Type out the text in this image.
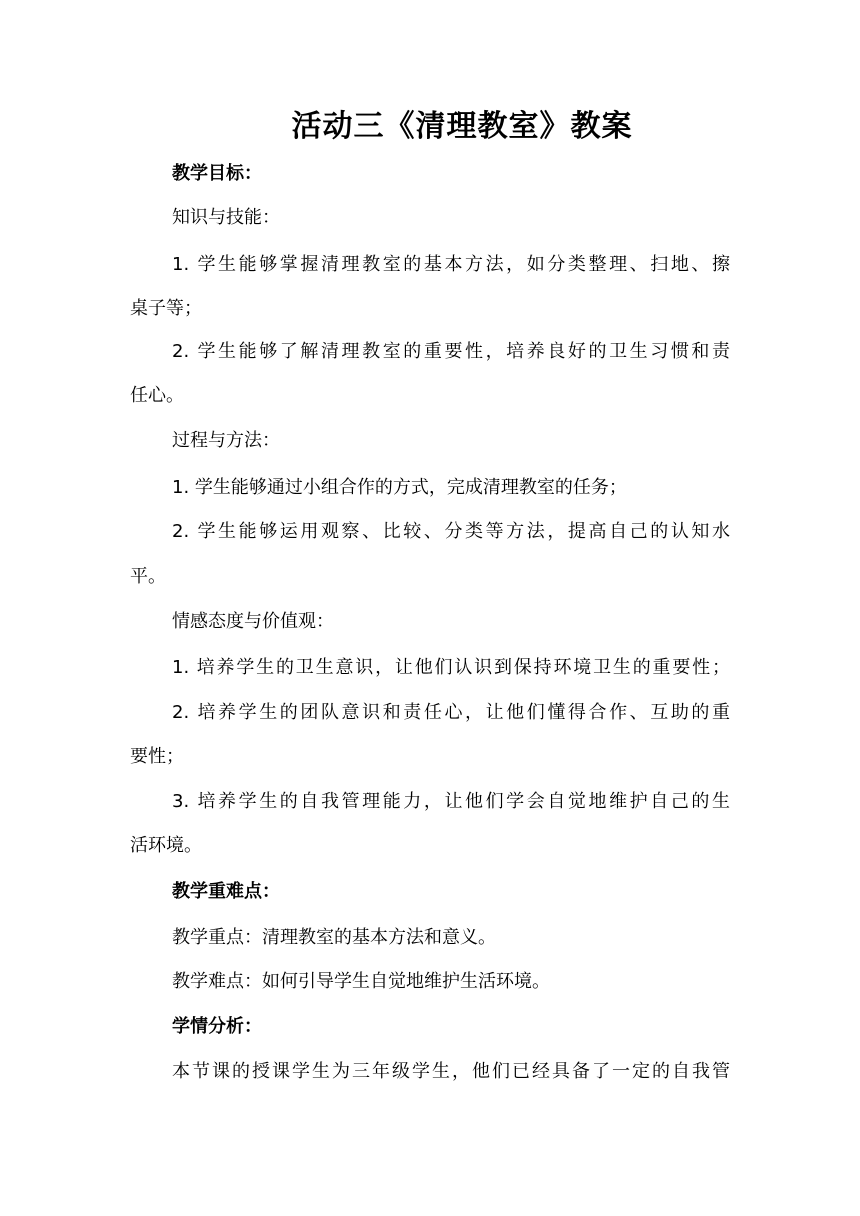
活动三《清理教室》教案
教学目标：
知识与技能：
1. 学生能够掌握清理教室的基本方法，如分类整理、扫地、擦
桌子等；
2. 学生能够了解清理教室的重要性，培养良好的卫生习惯和责
任心。
过程与方法：
1. 学生能够通过小组合作的方式，完成清理教室的任务；
2. 学生能够运用观察、比较、分类等方法，提高自己的认知水
平。
情感态度与价值观：
1. 培养学生的卫生意识，让他们认识到保持环境卫生的重要性；
2. 培养学生的团队意识和责任心，让他们懂得合作、互助的重
要性；
3. 培养学生的自我管理能力，让他们学会自觉地维护自己的生
活环境。
教学重难点：
教学重点：清理教室的基本方法和意义。
教学难点：如何引导学生自觉地维护生活环境。
学情分析：
本节课的授课学生为三年级学生，他们已经具备了一定的自我管
